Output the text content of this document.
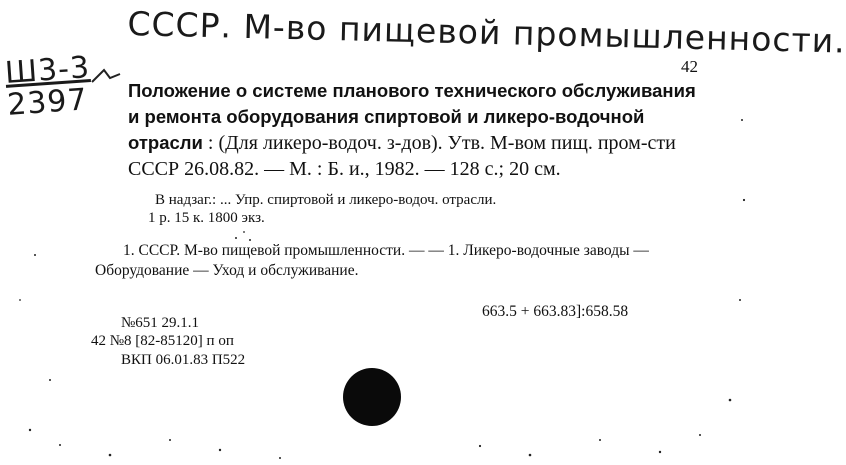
СССР. М-во пищевой промышленности.
Ш3-3
2397
42
Положение о системе планового технического обслуживания и ремонта оборудования спиртовой и ликеро-водочной отрасли : (Для ликеро-водоч. з-дов). Утв. М-вом пищ. пром-сти СССР 26.08.82. — М. : Б. и., 1982. — 128 с.; 20 см.
В надзаг.: ... Упр. спиртовой и ликеро-водоч. отрасли.
1 р. 15 к. 1800 экз.
1. СССР. М-во пищевой промышленности. — — 1. Ликеро-водочные заводы — Оборудование — Уход и обслуживание.
663.5 + 663.83]:658.58
№651 29.1.1
42 №8 [82-85120] п оп
ВКП 06.01.83 П522
